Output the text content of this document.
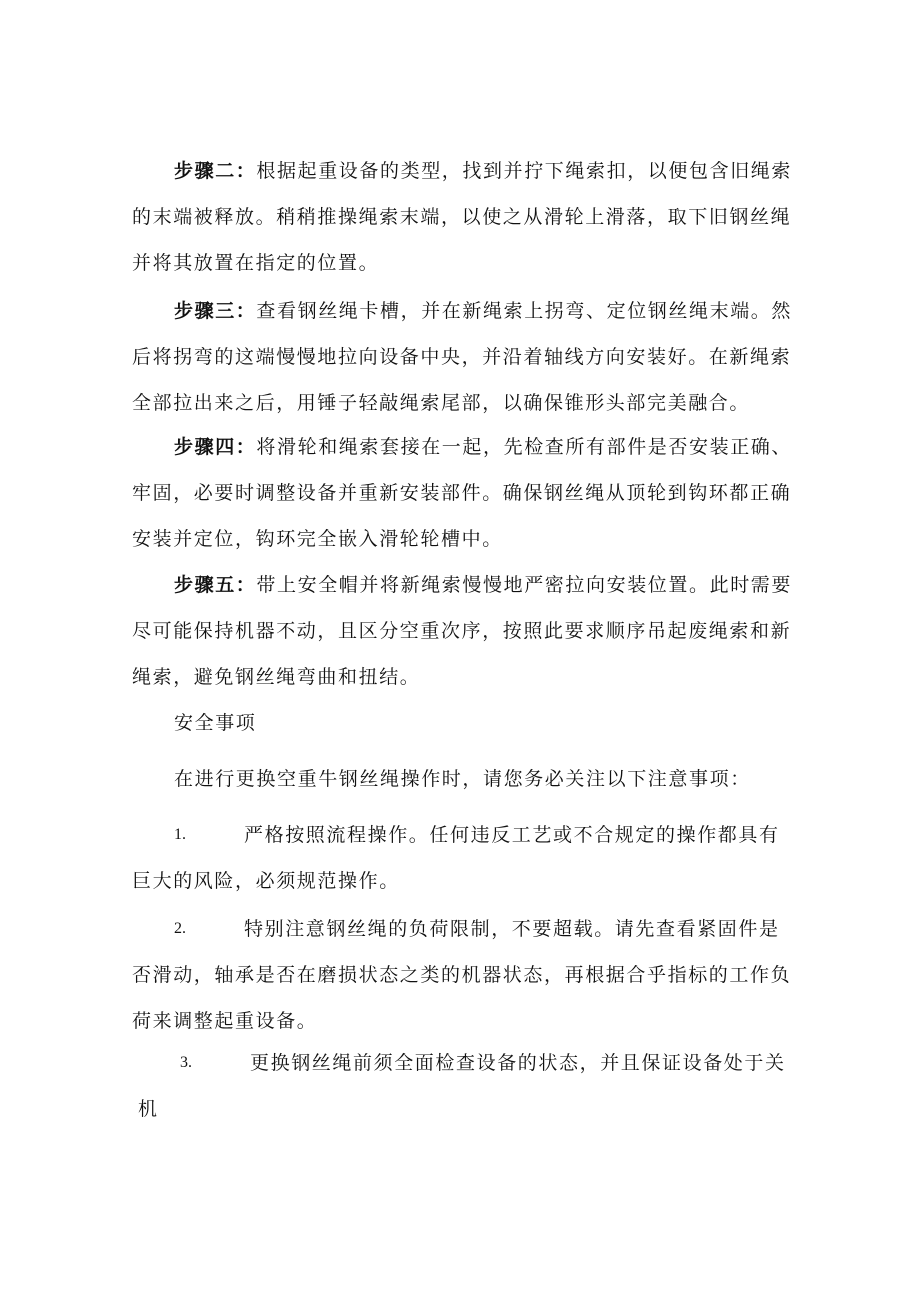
步骤二：根据起重设备的类型，找到并拧下绳索扣，以便包含旧绳索的末端被释放。稍稍推操绳索末端，以使之从滑轮上滑落，取下旧钢丝绳并将其放置在指定的位置。

步骤三：查看钢丝绳卡槽，并在新绳索上拐弯、定位钢丝绳末端。然后将拐弯的这端慢慢地拉向设备中央，并沿着轴线方向安装好。在新绳索全部拉出来之后，用锤子轻敲绳索尾部，以确保锥形头部完美融合。

步骤四：将滑轮和绳索套接在一起，先检查所有部件是否安装正确、牢固，必要时调整设备并重新安装部件。确保钢丝绳从顶轮到钩环都正确安装并定位，钩环完全嵌入滑轮轮槽中。

步骤五：带上安全帽并将新绳索慢慢地严密拉向安装位置。此时需要尽可能保持机器不动，且区分空重次序，按照此要求顺序吊起废绳索和新绳索，避免钢丝绳弯曲和扭结。

安全事项

在进行更换空重牛钢丝绳操作时，请您务必关注以下注意事项：

1.	严格按照流程操作。任何违反工艺或不合规定的操作都具有巨大的风险，必须规范操作。

2.	特别注意钢丝绳的负荷限制，不要超载。请先查看紧固件是否滑动，轴承是否在磨损状态之类的机器状态，再根据合乎指标的工作负荷来调整起重设备。

3.	更换钢丝绳前须全面检查设备的状态，并且保证设备处于关机
